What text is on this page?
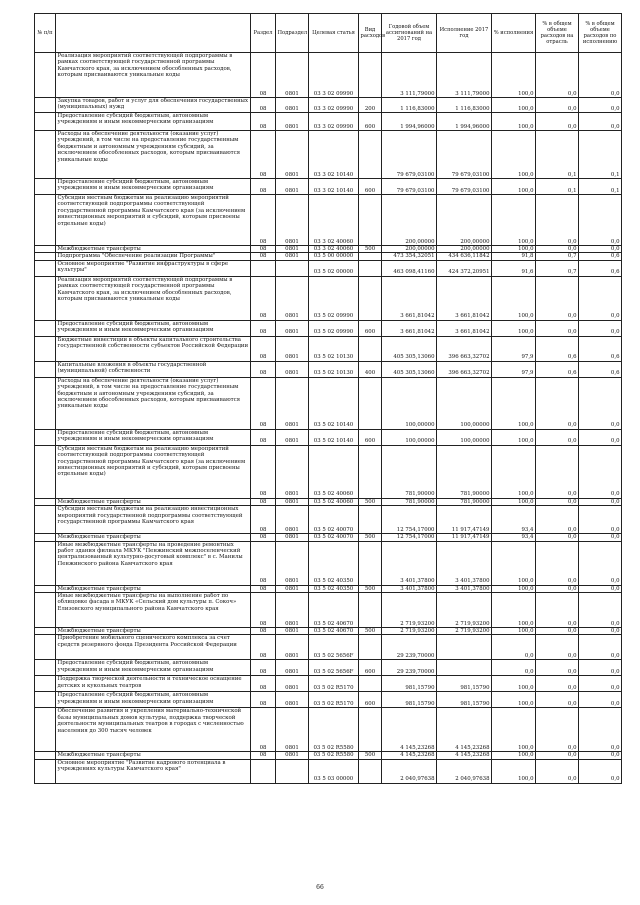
№ п/п		Раздел	Подраздел	Целевая статья	Вид расходов	Годовой объем ассигнований на 2017 год	Исполнение 2017 год	% исполнения	% в общем объеме расходов на отрасль	% в общем объеме расходов по исполнению
	Реализация мероприятий соответствующей подпрограммы в рамках соответствующей государственной программы Камчатского края, за исключением обособленных расходов, которым присваиваются уникальные коды	08	0801	03 3 02 09990		3 111,79000	3 111,79000	100,0	0,0	0,0
	Закупка товаров, работ и услуг для обеспечения государственных (муниципальных) нужд	08	0801	03 3 02 09990	200	1 116,83000	1 116,83000	100,0	0,0	0,0
	Предоставление субсидий бюджетным, автономным учреждениям и иным некоммерческим организациям	08	0801	03 3 02 09990	600	1 994,96000	1 994,96000	100,0	0,0	0,0
	Расходы на обеспечение деятельности (оказание услуг) учреждений, в том числе на предоставление государственным бюджетным и автономным учреждениям субсидий, за исключением обособленных расходов, которым присваиваются уникальные коды	08	0801	03 3 02 10140		79 679,03100	79 679,03100	100,0	0,1	0,1
	Предоставление субсидий бюджетным, автономным учреждениям и иным некоммерческим организациям	08	0801	03 3 02 10140	600	79 679,03100	79 679,03100	100,0	0,1	0,1
	Субсидии местным бюджетам на реализацию мероприятий соответствующей подпрограммы соответствующей государственной программы Камчатского края (за исключением инвестиционных мероприятий и субсидий, которым присвоены отдельные коды)	08	0801	03 3 02 40060		200,00000	200,00000	100,0	0,0	0,0
	Межбюджетные трансферты	08	0801	03 3 02 40060	500	200,00000	200,00000	100,0	0,0	0,0
	Подпрограмма "Обеспечение реализации Программы"	08	0801	03 5 00 00000		473 354,32051	434 636,11842	91,8	0,7	0,6
	Основное мероприятие "Развитие инфраструктуры в сфере культуры"			03 5 02 00000		463 098,41160	424 372,20951	91,6	0,7	0,6
	Реализация мероприятий соответствующей подпрограммы в рамках соответствующей государственной программы Камчатского края, за исключением обособленных расходов, которым присваиваются уникальные коды	08	0801	03 5 02 09990		3 661,81042	3 661,81042	100,0	0,0	0,0
	Предоставление субсидий бюджетным, автономным учреждениям и иным некоммерческим организациям	08	0801	03 5 02 09990	600	3 661,81042	3 661,81042	100,0	0,0	0,0
	Бюджетные инвестиции в объекты капитального строительства государственной собственности субъектов Российской Федерации	08	0801	03 5 02 10130		405 305,13060	396 663,32702	97,9	0,6	0,6
	Капитальные вложения в объекты государственной (муниципальной) собственности	08	0801	03 5 02 10130	400	405 305,13060	396 663,32702	97,9	0,6	0,6
	Расходы на обеспечение деятельности (оказание услуг) учреждений, в том числе на предоставление государственным бюджетным и автономным учреждениям субсидий, за исключением обособленных расходов, которым присваиваются уникальные коды	08	0801	03 5 02 10140		100,00000	100,00000	100,0	0,0	0,0
	Предоставление субсидий бюджетным, автономным учреждениям и иным некоммерческим организациям	08	0801	03 5 02 10140	600	100,00000	100,00000	100,0	0,0	0,0
	Субсидии местным бюджетам на реализацию мероприятий соответствующей подпрограммы соответствующей государственной программы Камчатского края (за исключением инвестиционных мероприятий и субсидий, которым присвоены отдельные коды)	08	0801	03 5 02 40060		781,90000	781,90000	100,0	0,0	0,0
	Межбюджетные трансферты	08	0801	03 5 02 40060	500	781,90000	781,90000	100,0	0,0	0,0
	Субсидии местным бюджетам на реализацию инвестиционных мероприятий государственной подпрограммы соответствующей государственной программы Камчатского края	08	0801	03 5 02 40070		12 754,17000	11 917,47149	93,4	0,0	0,0
	Межбюджетные трансферты	08	0801	03 5 02 40070	500	12 754,17000	11 917,47149	93,4	0,0	0,0
	Иные межбюджетные трансферты на проведение ремонтных работ здания филиала МКУК "Пенжинский межпоселенческий централизованный культурно-досуговый комплекс" в с. Манилы Пенжинского района Камчатского края	08	0801	03 5 02 40350		3 401,37800	3 401,37800	100,0	0,0	0,0
	Межбюджетные трансферты	08	0801	03 5 02 40350	500	3 401,37800	3 401,37800	100,0	0,0	0,0
	Иные межбюджетные трансферты на выполнение работ по облицовке фасада в МКУК «Сельский дом культуры п. Сокоч» Елизовского муниципального района Камчатского края	08	0801	03 5 02 40670		2 719,93200	2 719,93200	100,0	0,0	0,0
	Межбюджетные трансферты	08	0801	03 5 02 40670	500	2 719,93200	2 719,93200	100,0	0,0	0,0
	Приобретение мобильного сценического комплекса за счет средств резервного фонда Президента Российской Федерации	08	0801	03 5 02 5656F		29 239,70000		0,0	0,0	0,0
	Предоставление субсидий бюджетным, автономным учреждениям и иным некоммерческим организациям	08	0801	03 5 02 5656F	600	29 239,70000		0,0	0,0	0,0
	Поддержка творческой деятельности и техническое оснащение детских и кукольных театров	08	0801	03 5 02 R5170		981,15790	981,15790	100,0	0,0	0,0
	Предоставление субсидий бюджетным, автономным учреждениям и иным некоммерческим организациям	08	0801	03 5 02 R5170	600	981,15790	981,15790	100,0	0,0	0,0
	Обеспечение развития и укрепления материально-технической базы муниципальных домов культуры, поддержка творческой деятельности муниципальных театров в городах с численностью населения до 300 тысяч человек	08	0801	03 5 02 R5580		4 145,23268	4 145,23268	100,0	0,0	0,0
	Межбюджетные трансферты	08	0801	03 5 02 R5580	500	4 145,23268	4 145,23268	100,0	0,0	0,0
	Основное мероприятие "Развитие кадрового потенциала в учреждениях культуры Камчатского края"			03 5 03 00000		2 040,97638	2 040,97638	100,0	0,0	0,0
66
